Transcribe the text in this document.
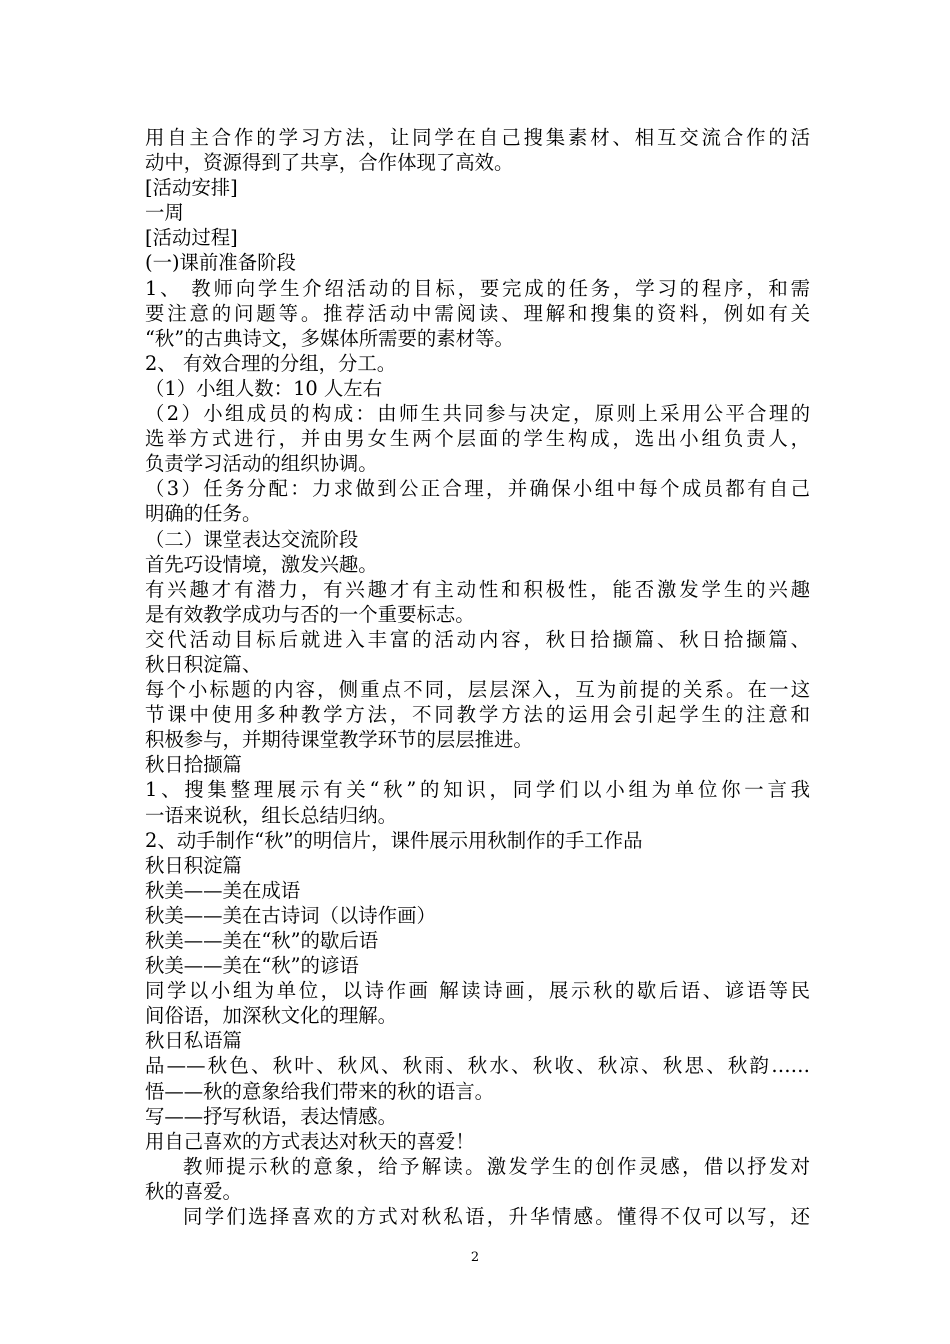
用自主合作的学习方法，让同学在自己搜集素材、相互交流合作的活
动中，资源得到了共享，合作体现了高效。
[活动安排]
一周
[活动过程]
(一)课前准备阶段
1、 教师向学生介绍活动的目标，要完成的任务，学习的程序，和需
要注意的问题等。推荐活动中需阅读、理解和搜集的资料，例如有关
“秋”的古典诗文，多媒体所需要的素材等。
2、 有效合理的分组，分工。
（1）小组人数：10 人左右
（2）小组成员的构成：由师生共同参与决定，原则上采用公平合理的
选举方式进行，并由男女生两个层面的学生构成，选出小组负责人，
负责学习活动的组织协调。
（3）任务分配：力求做到公正合理，并确保小组中每个成员都有自己
明确的任务。
（二）课堂表达交流阶段
首先巧设情境，激发兴趣。
有兴趣才有潜力，有兴趣才有主动性和积极性，能否激发学生的兴趣
是有效教学成功与否的一个重要标志。
交代活动目标后就进入丰富的活动内容，秋日拾撷篇、秋日拾撷篇、
秋日积淀篇、
每个小标题的内容，侧重点不同，层层深入，互为前提的关系。在一这
节课中使用多种教学方法，不同教学方法的运用会引起学生的注意和
积极参与，并期待课堂教学环节的层层推进。
秋日拾撷篇
1、搜集整理展示有关“秋”的知识，同学们以小组为单位你一言我
一语来说秋，组长总结归纳。
2、动手制作“秋”的明信片，课件展示用秋制作的手工作品
秋日积淀篇
秋美——美在成语
秋美——美在古诗词（以诗作画）
秋美——美在“秋”的歇后语
秋美——美在“秋”的谚语
同学以小组为单位，以诗作画 解读诗画，展示秋的歇后语、谚语等民
间俗语，加深秋文化的理解。
秋日私语篇
品——秋色、秋叶、秋风、秋雨、秋水、秋收、秋凉、秋思、秋韵……
悟——秋的意象给我们带来的秋的语言。
写——抒写秋语，表达情感。
用自己喜欢的方式表达对秋天的喜爱！
教师提示秋的意象，给予解读。激发学生的创作灵感，借以抒发对
秋的喜爱。
同学们选择喜欢的方式对秋私语，升华情感。懂得不仅可以写，还
2
